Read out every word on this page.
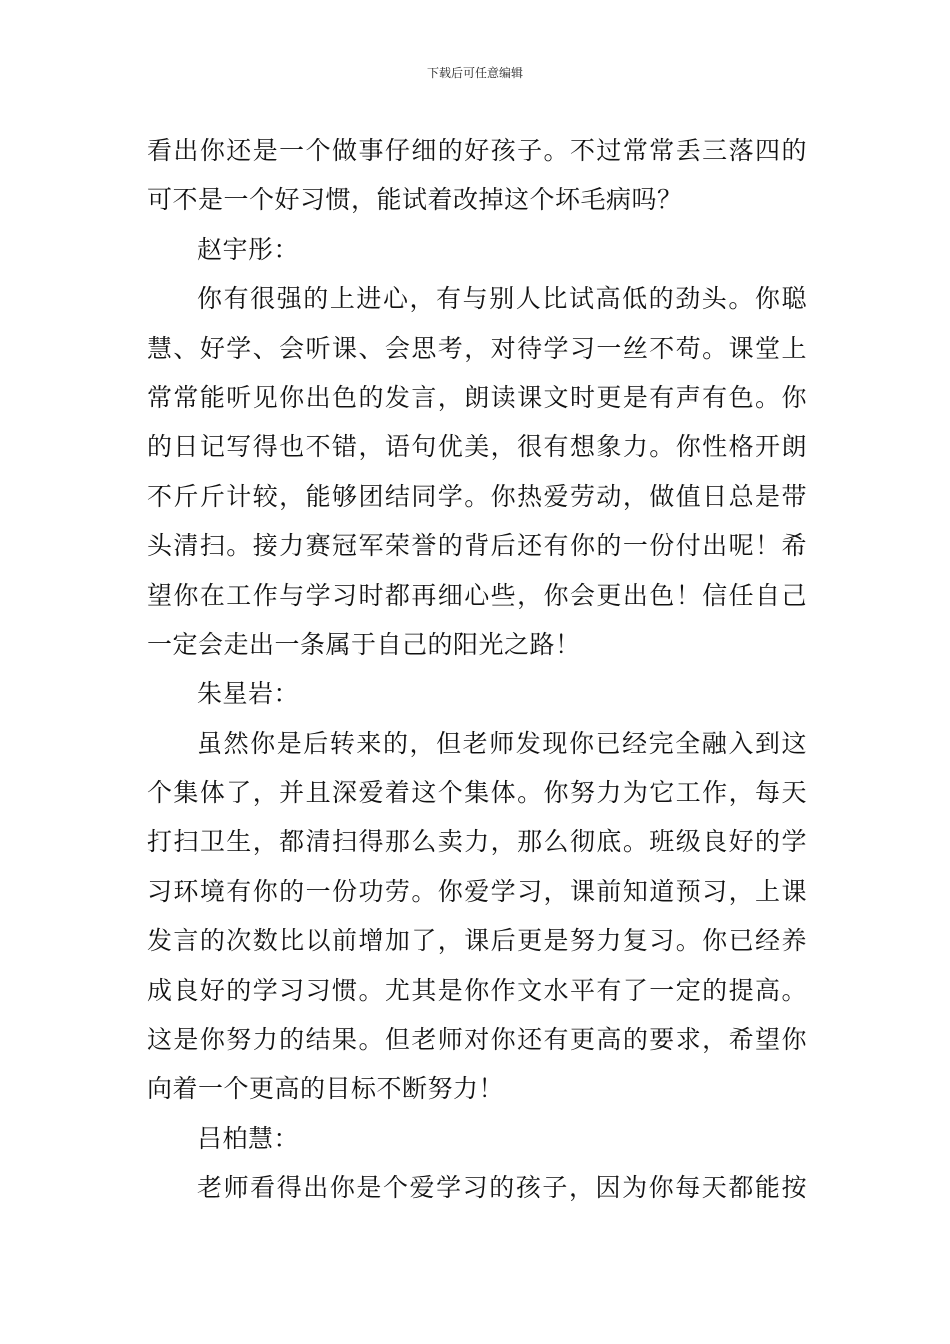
下载后可任意编辑
看出你还是一个做事仔细的好孩子。不过常常丢三落四的
可不是一个好习惯，能试着改掉这个坏毛病吗？
赵宇彤：
你有很强的上进心，有与别人比试高低的劲头。你聪
慧、好学、会听课、会思考，对待学习一丝不苟。课堂上
常常能听见你出色的发言，朗读课文时更是有声有色。你
的日记写得也不错，语句优美，很有想象力。你性格开朗
不斤斤计较，能够团结同学。你热爱劳动，做值日总是带
头清扫。接力赛冠军荣誉的背后还有你的一份付出呢！希
望你在工作与学习时都再细心些，你会更出色！信任自己
一定会走出一条属于自己的阳光之路！
朱星岩：
虽然你是后转来的，但老师发现你已经完全融入到这
个集体了，并且深爱着这个集体。你努力为它工作，每天
打扫卫生，都清扫得那么卖力，那么彻底。班级良好的学
习环境有你的一份功劳。你爱学习，课前知道预习，上课
发言的次数比以前增加了，课后更是努力复习。你已经养
成良好的学习习惯。尤其是你作文水平有了一定的提高。
这是你努力的结果。但老师对你还有更高的要求，希望你
向着一个更高的目标不断努力！
吕柏慧：
老师看得出你是个爱学习的孩子，因为你每天都能按
